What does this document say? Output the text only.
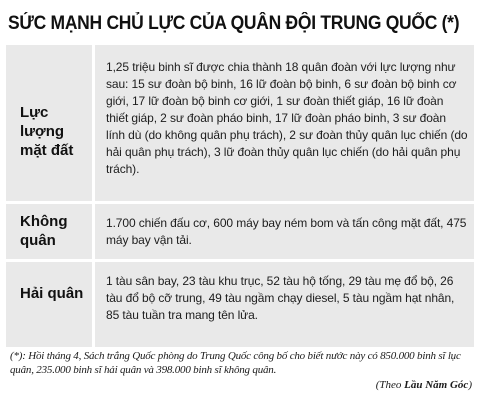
SỨC MẠNH CHỦ LỰC CỦA QUÂN ĐỘI TRUNG QUỐC (*)
Lực lượng mặt đất
1,25 triệu binh sĩ được chia thành 18 quân đoàn với lực lượng như sau: 15 sư đoàn bộ binh, 16 lữ đoàn bộ binh, 6 sư đoàn bộ binh cơ giới, 17 lữ đoàn bộ binh cơ giới, 1 sư đoàn thiết giáp, 16 lữ đoàn thiết giáp, 2 sư đoàn pháo binh, 17 lữ đoàn pháo binh, 3 sư đoàn lính dù (do không quân phụ trách), 2 sư đoàn thủy quân lục chiến (do hải quân phụ trách), 3 lữ đoàn thủy quân lục chiến (do hải quân phụ trách).
Không quân
1.700 chiến đấu cơ, 600 máy bay ném bom và tấn công mặt đất, 475 máy bay vận tải.
Hải quân
1 tàu sân bay, 23 tàu khu trục, 52 tàu hộ tống, 29 tàu mẹ đổ bộ, 26 tàu đổ bộ cỡ trung, 49 tàu ngầm chạy diesel, 5 tàu ngầm hạt nhân, 85 tàu tuần tra mang tên lửa.
(*): Hồi tháng 4, Sách trắng Quốc phòng do Trung Quốc công bố cho biết nước này có 850.000 binh sĩ lục quân, 235.000 binh sĩ hải quân và 398.000 binh sĩ không quân.
(Theo Lầu Năm Góc)
